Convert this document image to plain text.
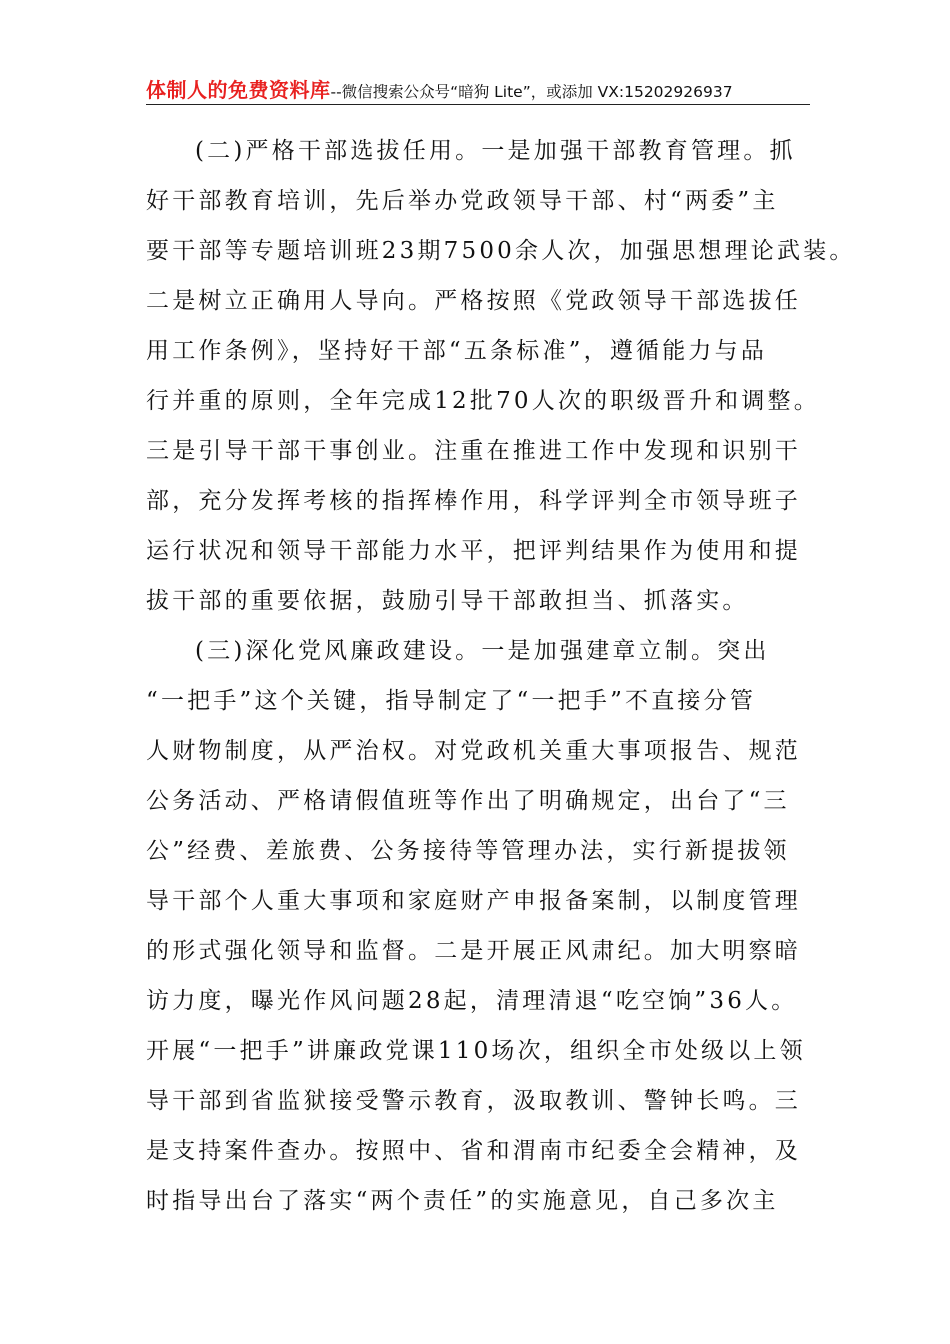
体制人的免费资料库--微信搜索公众号“暗狗 Lite”，或添加 VX:15202926937
(二)严格干部选拔任用。一是加强干部教育管理。抓
好干部教育培训，先后举办党政领导干部、村“两委”主
要干部等专题培训班23期7500余人次，加强思想理论武装。
二是树立正确用人导向。严格按照《党政领导干部选拔任
用工作条例》，坚持好干部“五条标准”，遵循能力与品
行并重的原则，全年完成12批70人次的职级晋升和调整。
三是引导干部干事创业。注重在推进工作中发现和识别干
部，充分发挥考核的指挥棒作用，科学评判全市领导班子
运行状况和领导干部能力水平，把评判结果作为使用和提
拔干部的重要依据，鼓励引导干部敢担当、抓落实。
(三)深化党风廉政建设。一是加强建章立制。突出
“一把手”这个关键，指导制定了“一把手”不直接分管
人财物制度，从严治权。对党政机关重大事项报告、规范
公务活动、严格请假值班等作出了明确规定，出台了“三
公”经费、差旅费、公务接待等管理办法，实行新提拔领
导干部个人重大事项和家庭财产申报备案制，以制度管理
的形式强化领导和监督。二是开展正风肃纪。加大明察暗
访力度，曝光作风问题28起，清理清退“吃空饷”36人。
开展“一把手”讲廉政党课110场次，组织全市处级以上领
导干部到省监狱接受警示教育，汲取教训、警钟长鸣。三
是支持案件查办。按照中、省和渭南市纪委全会精神，及
时指导出台了落实“两个责任”的实施意见，自己多次主
